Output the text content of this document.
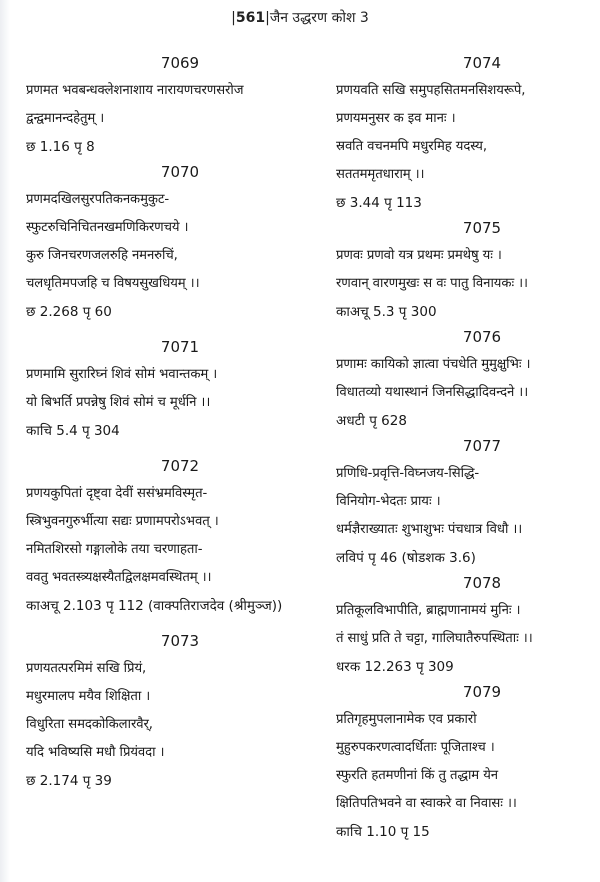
|561|जैन उद्धरण कोश 3
7069
प्रणमत भवबन्धक्लेशनाशाय नारायणचरणसरोज
द्वन्द्वमानन्दहेतुम् ।
छ 1.16 पृ 8
7070
प्रणमदखिलसुरपतिकनकमुकुट-
स्फुटरुचिनिचितनखमणिकिरणचये ।
कुरु जिनचरणजलरुहि नमनरुचिं,
चलधृतिमपजहि च विषयसुखधियम् ।।
छ 2.268 पृ 60
7071
प्रणमामि सुरारिघ्नं शिवं सोमं भवान्तकम् ।
यो बिभर्ति प्रपन्नेषु शिवं सोमं च मूर्धनि ।।
काचि 5.4 पृ 304
7072
प्रणयकुपितां दृष्ट्वा देवीं ससंभ्रमविस्मृत-
स्त्रिभुवनगुरुर्भीत्या सद्यः प्रणामपरोऽभवत् ।
नमितशिरसो गङ्गालोके तया चरणाहता-
ववतु भवतस्त्र्यक्षस्यैतद्विलक्षमवस्थितम् ।।
काअचू 2.103 पृ 112 (वाक्पतिराजदेव (श्रीमुञ्ज))
7073
प्रणयतत्परमिमं सखि प्रियं,
मधुरमालप मयैव शिक्षिता ।
विधुरिता समदकोकिलारवैर्,
यदि भविष्यसि मधौ प्रियंवदा ।
छ 2.174 पृ 39
7074
प्रणयवति सखि समुपहसितमनसिशयरूपे,
प्रणयमनुसर क इव मानः ।
स्रवति वचनमपि मधुरमिह यदस्य,
सततममृतधाराम् ।।
छ 3.44 पृ 113
7075
प्रणवः प्रणवो यत्र प्रथमः प्रमथेषु यः ।
रणवान् वारणमुखः स वः पातु विनायकः ।।
काअचू 5.3 पृ 300
7076
प्रणामः कायिको ज्ञात्वा पंचधेति मुमुक्षुभिः ।
विधातव्यो यथास्थानं जिनसिद्धादिवन्दने ।।
अधटी पृ 628
7077
प्रणिधि-प्रवृत्ति-विघ्नजय-सिद्धि-
विनियोग-भेदतः प्रायः ।
धर्मज्ञैराख्यातः शुभाशुभः पंचधात्र विधौ ।।
लविपं पृ 46 (षोडशक 3.6)
7078
प्रतिकूलविभापीति, ब्राह्मणानामयं मुनिः ।
तं साधुं प्रति ते चट्टा, गालिघातैरुपस्थिताः ।।
धरक 12.263 पृ 309
7079
प्रतिगृहमुपलानामेक एव प्रकारो
मुहुरुपकरणत्वादर्धिताः पूजिताश्च ।
स्फुरति हतमणीनां किं तु तद्धाम येन
क्षितिपतिभवने वा स्वाकरे वा निवासः ।।
काचि 1.10 पृ 15
